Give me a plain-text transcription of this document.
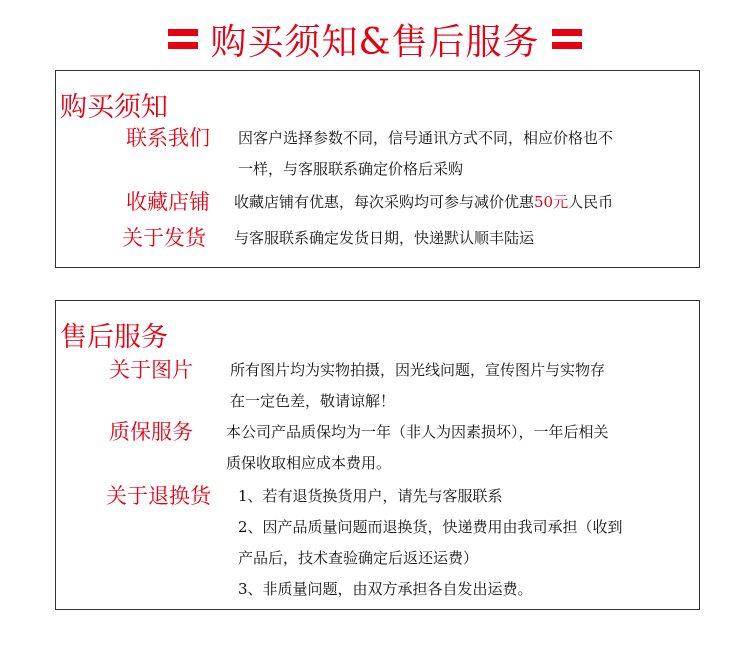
购买须知&售后服务
购买须知
联系我们 因客户选择参数不同，信号通讯方式不同，相应价格也不
一样，与客服联系确定价格后采购
收藏店铺 收藏店铺有优惠，每次采购均可参与减价优惠50元人民币
关于发货 与客服联系确定发货日期，快递默认顺丰陆运
售后服务
关于图片 所有图片均为实物拍摄，因光线问题，宣传图片与实物存
在一定色差，敬请谅解！
质保服务 本公司产品质保均为一年（非人为因素损坏），一年后相关
质保收取相应成本费用。
关于退换货 1、若有退货换货用户，请先与客服联系
2、因产品质量问题而退换货，快递费用由我司承担（收到
产品后，技术查验确定后返还运费）
3、非质量问题，由双方承担各自发出运费。
